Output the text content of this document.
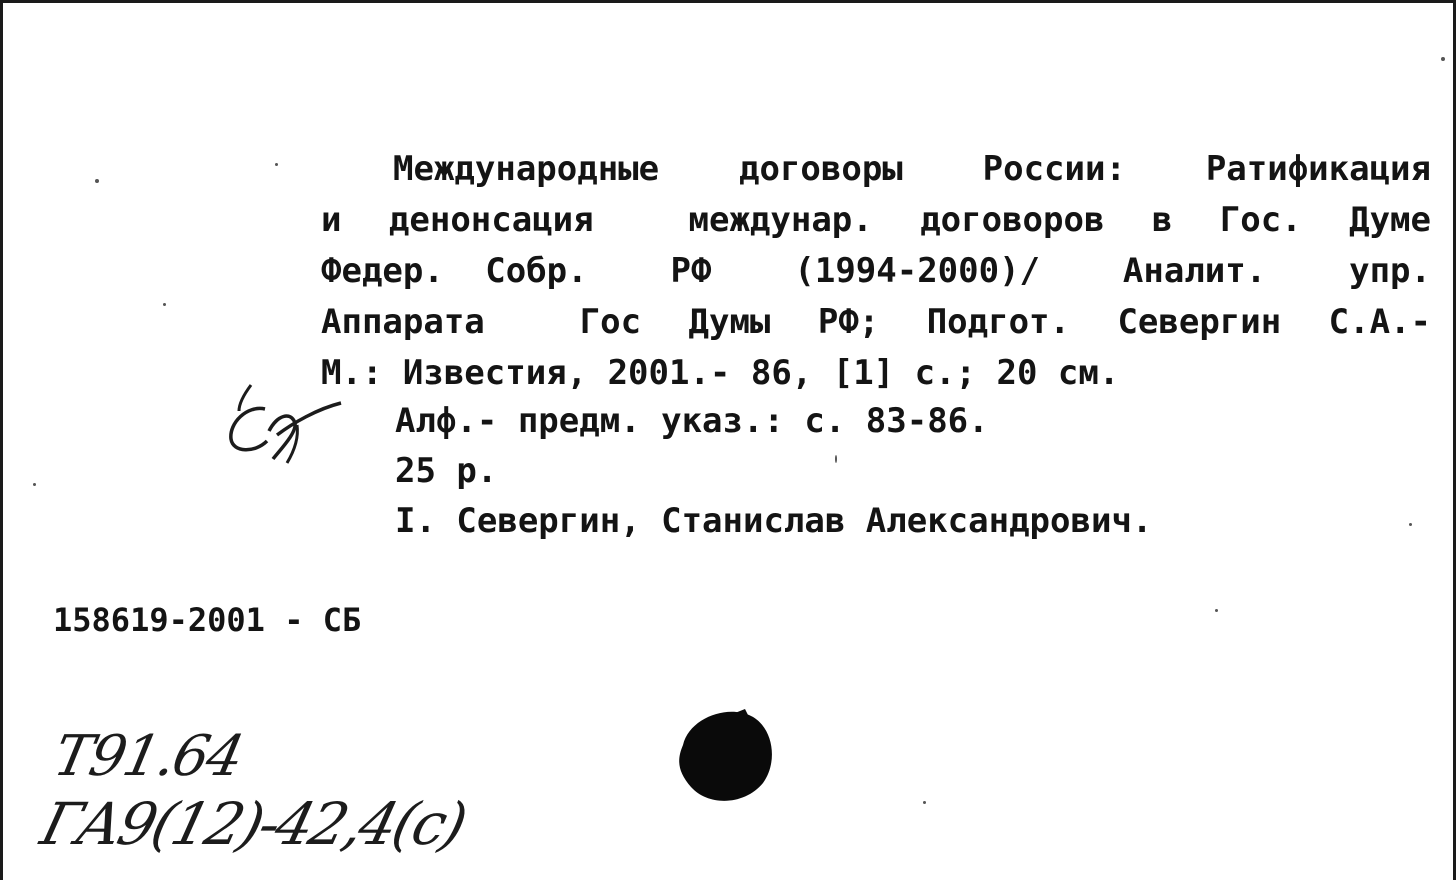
Международные договоры России: Ратификация
и денонсация  междунар. договоров в Гос. Думе
Федер. Собр.  РФ  (1994-2000)/  Аналит.  упр.
Аппарата  Гос Думы РФ; Подгот. Севергин С.А.-
М.: Известия, 2001.- 86, [1] с.; 20 см.
Алф.- предм. указ.: с. 83-86.
25 р.
I. Севергин, Станислав Александрович.
158619-2001 - СБ
Т91.64
ГА9(12)-42,4(с)
